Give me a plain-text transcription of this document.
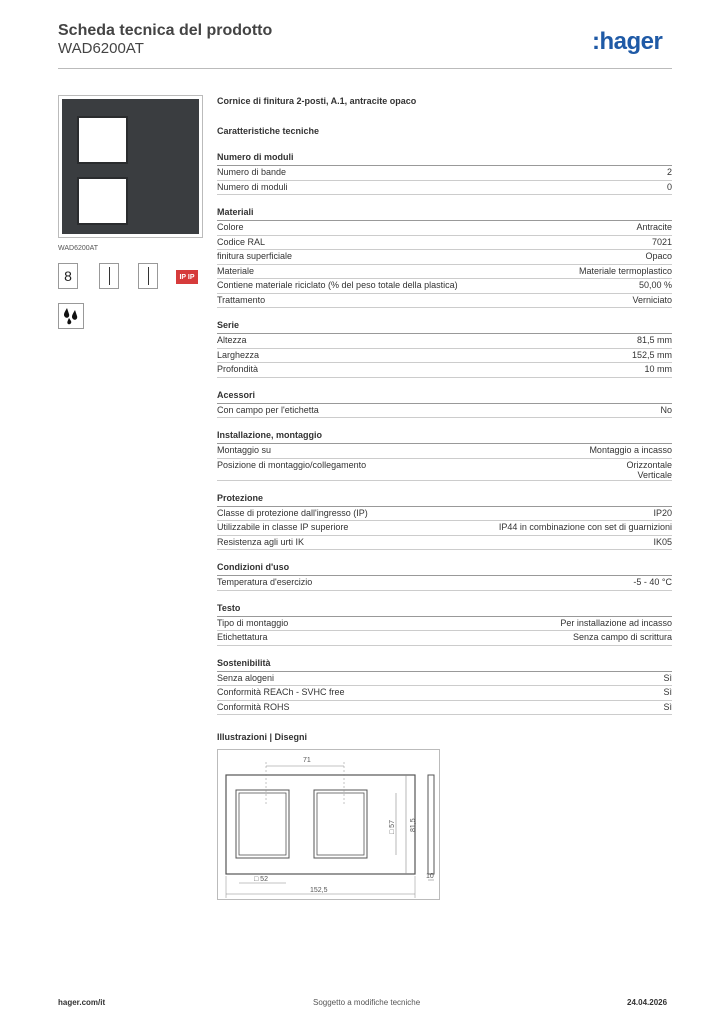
Scheda tecnica del prodotto
WAD6200AT	:hager
WAD6200AT
8	IP IP
Cornice di finitura 2-posti, A.1, antracite opaco
Caratteristiche tecniche
Numero di moduli
Numero di bande	2
Numero di moduli	0
Materiali
Colore	Antracite
Codice RAL	7021
finitura superficiale	Opaco
Materiale	Materiale termoplastico
Contiene materiale riciclato (% del peso totale della plastica)	50,00 %
Trattamento	Verniciato
Serie
Altezza	81,5 mm
Larghezza	152,5 mm
Profondità	10 mm
Acessori
Con campo per l'etichetta	No
Installazione, montaggio
Montaggio su	Montaggio a incasso
Posizione di montaggio/collegamento	Orizzontale
Verticale
Protezione
Classe di protezione dall'ingresso (IP)	IP20
Utilizzabile in classe IP superiore	IP44 in combinazione con set di guarnizioni
Resistenza agli urti IK	IK05
Condizioni d'uso
Temperatura d'esercizio	-5 - 40 °C
Testo
Tipo di montaggio	Per installazione ad incasso
Etichettatura	Senza campo di scrittura
Sostenibilità
Senza alogeni	Sì
Conformità REACh - SVHC free	Sì
Conformità ROHS	Sì
Illustrazioni | Disegni
71
□ 52
152,5
□ 57 81,5
10
hager.com/it	Soggetto a modifiche tecniche	24.04.2026
